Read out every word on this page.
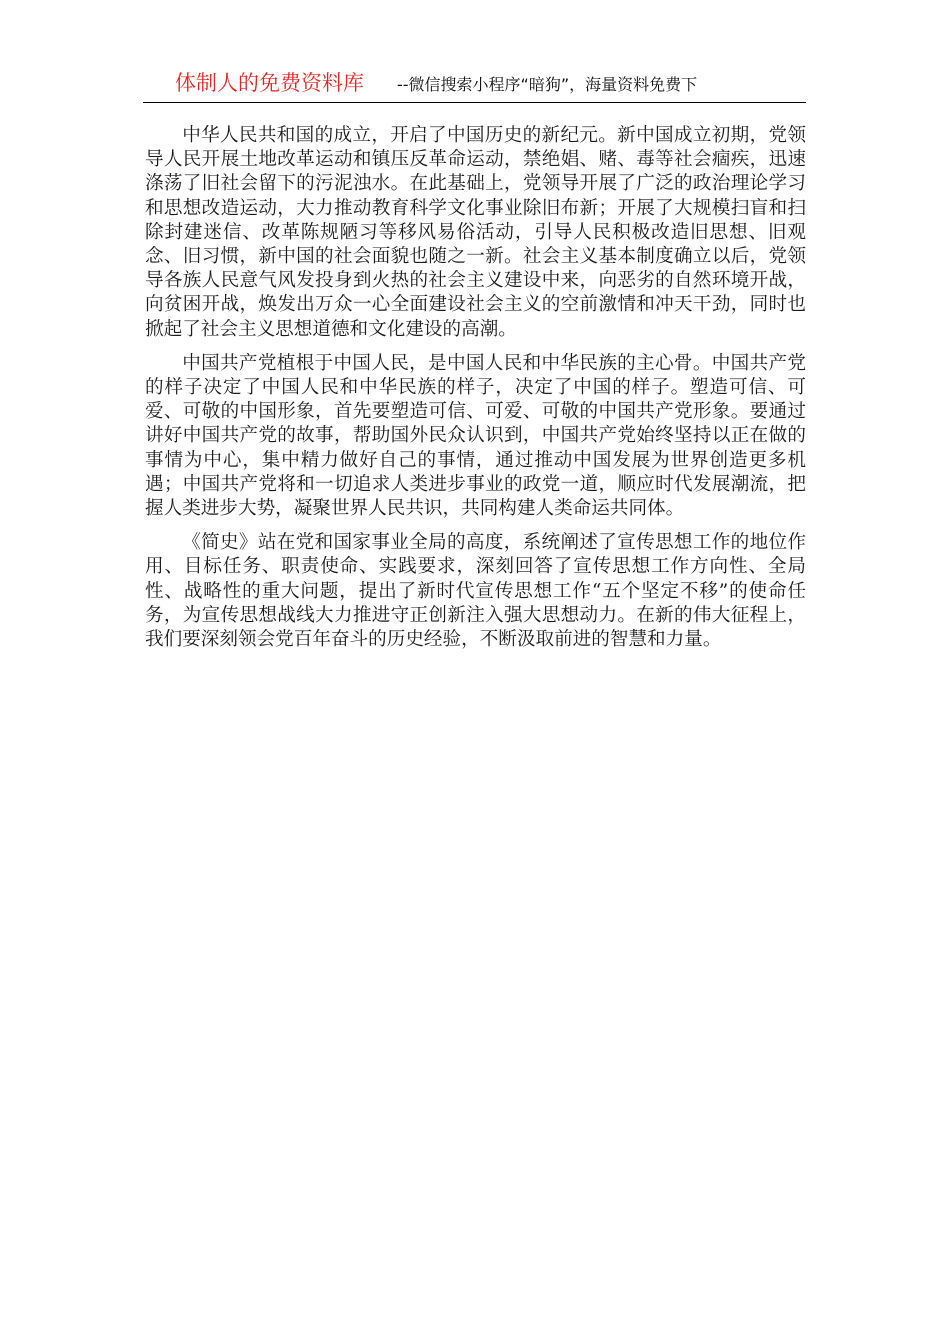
体制人的免费资料库 --微信搜索小程序“暗狗”，海量资料免费下

中华人民共和国的成立，开启了中国历史的新纪元。新中国成立初期，党领导人民开展土地改革运动和镇压反革命运动，禁绝娼、赌、毒等社会痼疾，迅速涤荡了旧社会留下的污泥浊水。在此基础上，党领导开展了广泛的政治理论学习和思想改造运动，大力推动教育科学文化事业除旧布新；开展了大规模扫盲和扫除封建迷信、改革陈规陋习等移风易俗活动，引导人民积极改造旧思想、旧观念、旧习惯，新中国的社会面貌也随之一新。社会主义基本制度确立以后，党领导各族人民意气风发投身到火热的社会主义建设中来，向恶劣的自然环境开战，向贫困开战，焕发出万众一心全面建设社会主义的空前激情和冲天干劲，同时也掀起了社会主义思想道德和文化建设的高潮。

中国共产党植根于中国人民，是中国人民和中华民族的主心骨。中国共产党的样子决定了中国人民和中华民族的样子，决定了中国的样子。塑造可信、可爱、可敬的中国形象，首先要塑造可信、可爱、可敬的中国共产党形象。要通过讲好中国共产党的故事，帮助国外民众认识到，中国共产党始终坚持以正在做的事情为中心，集中精力做好自己的事情，通过推动中国发展为世界创造更多机遇；中国共产党将和一切追求人类进步事业的政党一道，顺应时代发展潮流，把握人类进步大势，凝聚世界人民共识，共同构建人类命运共同体。

《简史》站在党和国家事业全局的高度，系统阐述了宣传思想工作的地位作用、目标任务、职责使命、实践要求，深刻回答了宣传思想工作方向性、全局性、战略性的重大问题，提出了新时代宣传思想工作“五个坚定不移”的使命任务，为宣传思想战线大力推进守正创新注入强大思想动力。在新的伟大征程上，我们要深刻领会党百年奋斗的历史经验，不断汲取前进的智慧和力量。
